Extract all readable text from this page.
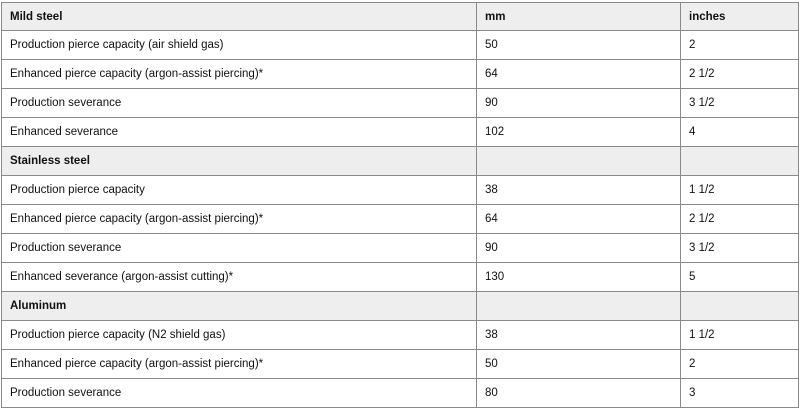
Mild steel	mm	inches
Production pierce capacity (air shield gas)	50	2
Enhanced pierce capacity (argon-assist piercing)*	64	2 1/2
Production severance	90	3 1/2
Enhanced severance	102	4
Stainless steel		
Production pierce capacity	38	1 1/2
Enhanced pierce capacity (argon-assist piercing)*	64	2 1/2
Production severance	90	3 1/2
Enhanced severance (argon-assist cutting)*	130	5
Aluminum		
Production pierce capacity (N2 shield gas)	38	1 1/2
Enhanced pierce capacity (argon-assist piercing)*	50	2
Production severance	80	3
